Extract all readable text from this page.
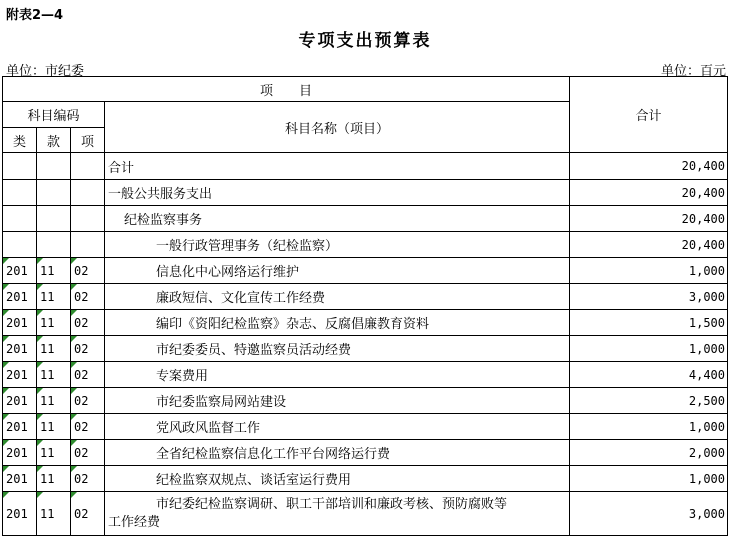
附表2—4
专项支出预算表
单位：市纪委	单位：百元
项　　目				合计
科目编码			科目名称（项目）	
类	款	项		
			合计	20,400
			一般公共服务支出	20,400
			纪检监察事务	20,400
			一般行政管理事务（纪检监察）	20,400
201	11	02	信息化中心网络运行维护	1,000
201	11	02	廉政短信、文化宣传工作经费	3,000
201	11	02	编印《资阳纪检监察》杂志、反腐倡廉教育资料	1,500
201	11	02	市纪委委员、特邀监察员活动经费	1,000
201	11	02	专案费用	4,400
201	11	02	市纪委监察局网站建设	2,500
201	11	02	党风政风监督工作	1,000
201	11	02	全省纪检监察信息化工作平台网络运行费	2,000
201	11	02	纪检监察双规点、谈话室运行费用	1,000
201	11	02	市纪委纪检监察调研、职工干部培训和廉政考核、预防腐败等
工作经费	3,000
